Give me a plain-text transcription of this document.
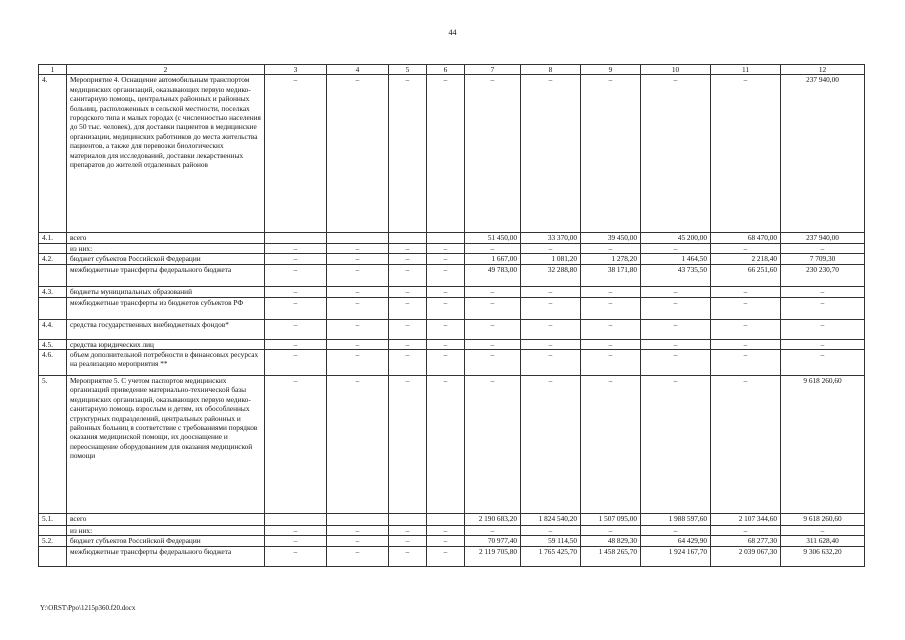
44
1	2	3	4	5	6	7	8	9	10	11	12
4.	Мероприятие 4. Оснащение автомобильным транспортом медицинских организаций, оказывающих первую медико-санитарную помощь, центральных районных и районных больниц, расположенных в сельской местности, поселках городского типа и малых городах (с численностью населения до 50 тыс. человек), для доставки пациентов в медицинские организации, медицинских работников до места жительства пациентов, а также для перевозки биологических материалов для исследований, доставки лекарственных препаратов до жителей отдаленных районов	–	–	–	–	–	–	–	–	–	237 940,00
4.1.	всего					51 450,00	33 370,00	39 450,00	45 200,00	68 470,00	237 940,00
	из них:	–	–	–	–	–	–	–	–	–	–
4.2.	бюджет субъектов Российской Федерации	–	–	–	–	1 667,00	1 081,20	1 278,20	1 464,50	2 218,40	7 709,30
	межбюджетные трансферты федерального бюджета	–	–	–	–	49 783,00	32 288,80	38 171,80	43 735,50	66 251,60	230 230,70
4.3.	бюджеты муниципальных образований	–	–	–	–	–	–	–	–	–	–
	межбюджетные трансферты из бюджетов субъектов РФ	–	–	–	–	–	–	–	–	–	–
4.4.	средства государственных внебюджетных фондов*	–	–	–	–	–	–	–	–	–	–
4.5.	средства юридических лиц	–	–	–	–	–	–	–	–	–	–
4.6.	объем дополнительной потребности в финансовых ресурсах на реализацию мероприятия **	–	–	–	–	–	–	–	–	–	–
5.	Мероприятие 5. С учетом паспортов медицинских организаций приведение материально-технической базы медицинских организаций, оказывающих первую медико-санитарную помощь взрослым и детям, их обособленных структурных подразделений, центральных районных и районных больниц в соответствие с требованиями порядков оказания медицинской помощи, их дооснащение и переоснащение оборудованием для оказания медицинской помощи	–	–	–	–	–	–	–	–	–	9 618 260,60
5.1.	всего					2 190 683,20	1 824 540,20	1 507 095,00	1 988 597,60	2 107 344,60	9 618 260,60
	из них:	–	–	–	–	–	–	–	–	–	–
5.2.	бюджет субъектов Российской Федерации	–	–	–	–	70 977,40	59 114,50	48 829,30	64 429,90	68 277,30	311 628,40
	межбюджетные трансферты федерального бюджета	–	–	–	–	2 119 705,80	1 765 425,70	1 458 265,70	1 924 167,70	2 039 067,30	9 306 632,20
Y:\ORST\Ppo\1215p360.f20.docx
